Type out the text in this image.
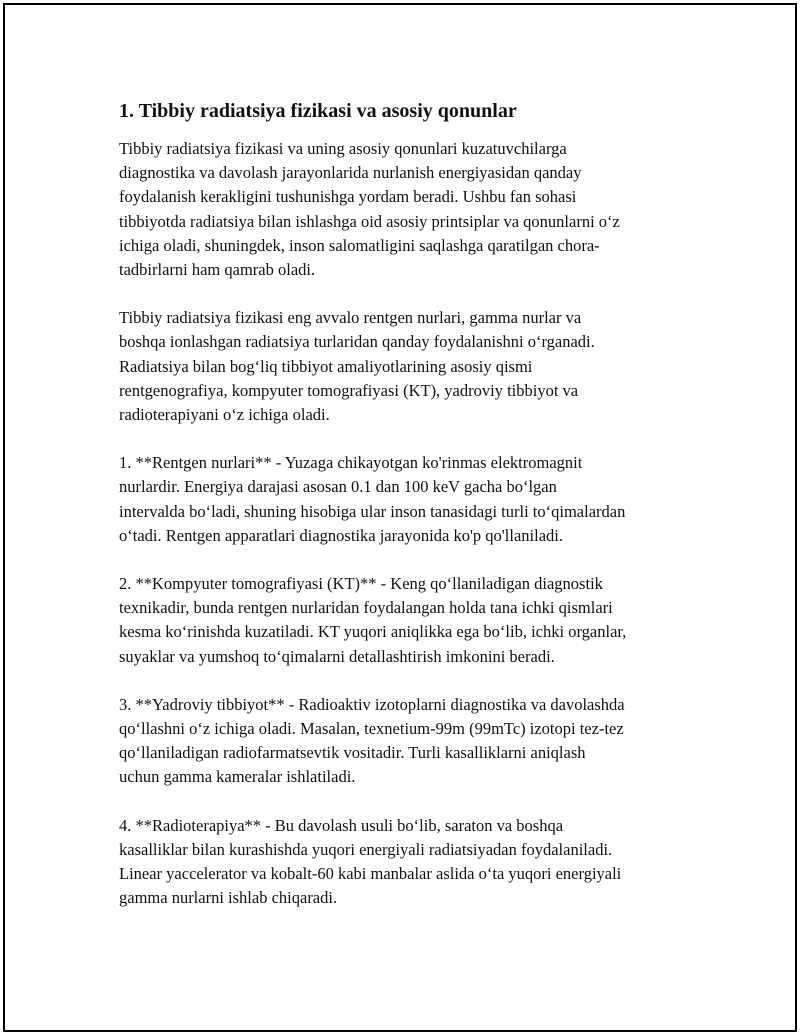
1. Tibbiy radiatsiya fizikasi va asosiy qonunlar

Tibbiy radiatsiya fizikasi va uning asosiy qonunlari kuzatuvchilarga
diagnostika va davolash jarayonlarida nurlanish energiyasidan qanday
foydalanish kerakligini tushunishga yordam beradi. Ushbu fan sohasi
tibbiyotda radiatsiya bilan ishlashga oid asosiy printsiplar va qonunlarni o‘z
ichiga oladi, shuningdek, inson salomatligini saqlashga qaratilgan chora-
tadbirlarni ham qamrab oladi.

Tibbiy radiatsiya fizikasi eng avvalo rentgen nurlari, gamma nurlar va
boshqa ionlashgan radiatsiya turlaridan qanday foydalanishni o‘rganadi.
Radiatsiya bilan bog‘liq tibbiyot amaliyotlarining asosiy qismi
rentgenografiya, kompyuter tomografiyasi (KT), yadroviy tibbiyot va
radioterapiyani o‘z ichiga oladi.

1. **Rentgen nurlari** - Yuzaga chikayotgan ko'rinmas elektromagnit
nurlardir. Energiya darajasi asosan 0.1 dan 100 keV gacha bo‘lgan
intervalda bo‘ladi, shuning hisobiga ular inson tanasidagi turli to‘qimalardan
o‘tadi. Rentgen apparatlari diagnostika jarayonida ko'p qo'llaniladi.

2. **Kompyuter tomografiyasi (KT)** - Keng qo‘llaniladigan diagnostik
texnikadir, bunda rentgen nurlaridan foydalangan holda tana ichki qismlari
kesma ko‘rinishda kuzatiladi. KT yuqori aniqlikka ega bo‘lib, ichki organlar,
suyaklar va yumshoq to‘qimalarni detallashtirish imkonini beradi.

3. **Yadroviy tibbiyot** - Radioaktiv izotoplarni diagnostika va davolashda
qo‘llashni o‘z ichiga oladi. Masalan, texnetium-99m (99mTc) izotopi tez-tez
qo‘llaniladigan radiofarmatsevtik vositadir. Turli kasalliklarni aniqlash
uchun gamma kameralar ishlatiladi.

4. **Radioterapiya** - Bu davolash usuli bo‘lib, saraton va boshqa
kasalliklar bilan kurashishda yuqori energiyali radiatsiyadan foydalaniladi.
Linear yaccelerator va kobalt-60 kabi manbalar aslida o‘ta yuqori energiyali
gamma nurlarni ishlab chiqaradi.
